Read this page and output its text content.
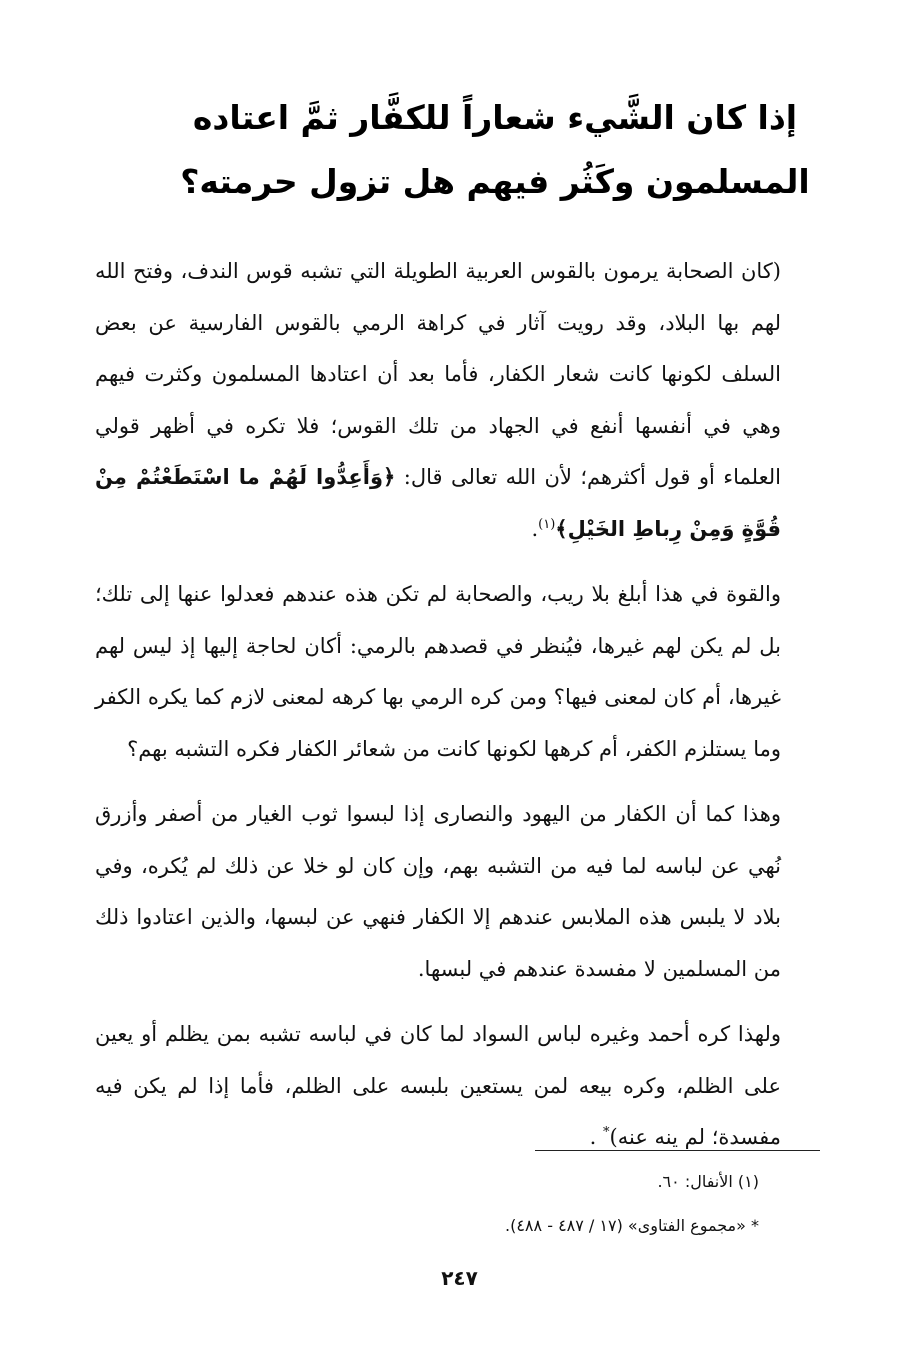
إذا كان الشَّيء شعاراً للكفَّار ثمَّ اعتاده
المسلمون وكَثُر فيهم هل تزول حرمته؟

(كان الصحابة يرمون بالقوس العربية الطويلة التي تشبه قوس الندف، وفتح الله لهم بها البلاد، وقد رويت آثار في كراهة الرمي بالقوس الفارسية عن بعض السلف لكونها كانت شعار الكفار، فأما بعد أن اعتادها المسلمون وكثرت فيهم وهي في أنفسها أنفع في الجهاد من تلك القوس؛ فلا تكره في أظهر قولي العلماء أو قول أكثرهم؛ لأن الله تعالى قال: ﴿وَأَعِدُّوا لَهُمْ ما اسْتَطَعْتُمْ مِنْ قُوَّةٍ وَمِنْ رِباطِ الخَيْلِ﴾$^{(١)}$.

والقوة في هذا أبلغ بلا ريب، والصحابة لم تكن هذه عندهم فعدلوا عنها إلى تلك؛ بل لم يكن لهم غيرها، فيُنظر في قصدهم بالرمي: أكان لحاجة إليها إذ ليس لهم غيرها، أم كان لمعنى فيها؟ ومن كره الرمي بها كرهه لمعنى لازم كما يكره الكفر وما يستلزم الكفر، أم كرهها لكونها كانت من شعائر الكفار فكره التشبه بهم؟

وهذا كما أن الكفار من اليهود والنصارى إذا لبسوا ثوب الغيار من أصفر وأزرق نُهي عن لباسه لما فيه من التشبه بهم، وإن كان لو خلا عن ذلك لم يُكره، وفي بلاد لا يلبس هذه الملابس عندهم إلا الكفار فنهي عن لبسها، والذين اعتادوا ذلك من المسلمين لا مفسدة عندهم في لبسها.

ولهذا كره أحمد وغيره لباس السواد لما كان في لباسه تشبه بمن يظلم أو يعين على الظلم، وكره بيعه لمن يستعين بلبسه على الظلم، فأما إذا لم يكن فيه مفسدة؛ لم ينه عنه)* .

(١) الأنفال: ٦٠.
* «مجموع الفتاوى» (١٧ / ٤٨٧ - ٤٨٨).
٢٤٧
